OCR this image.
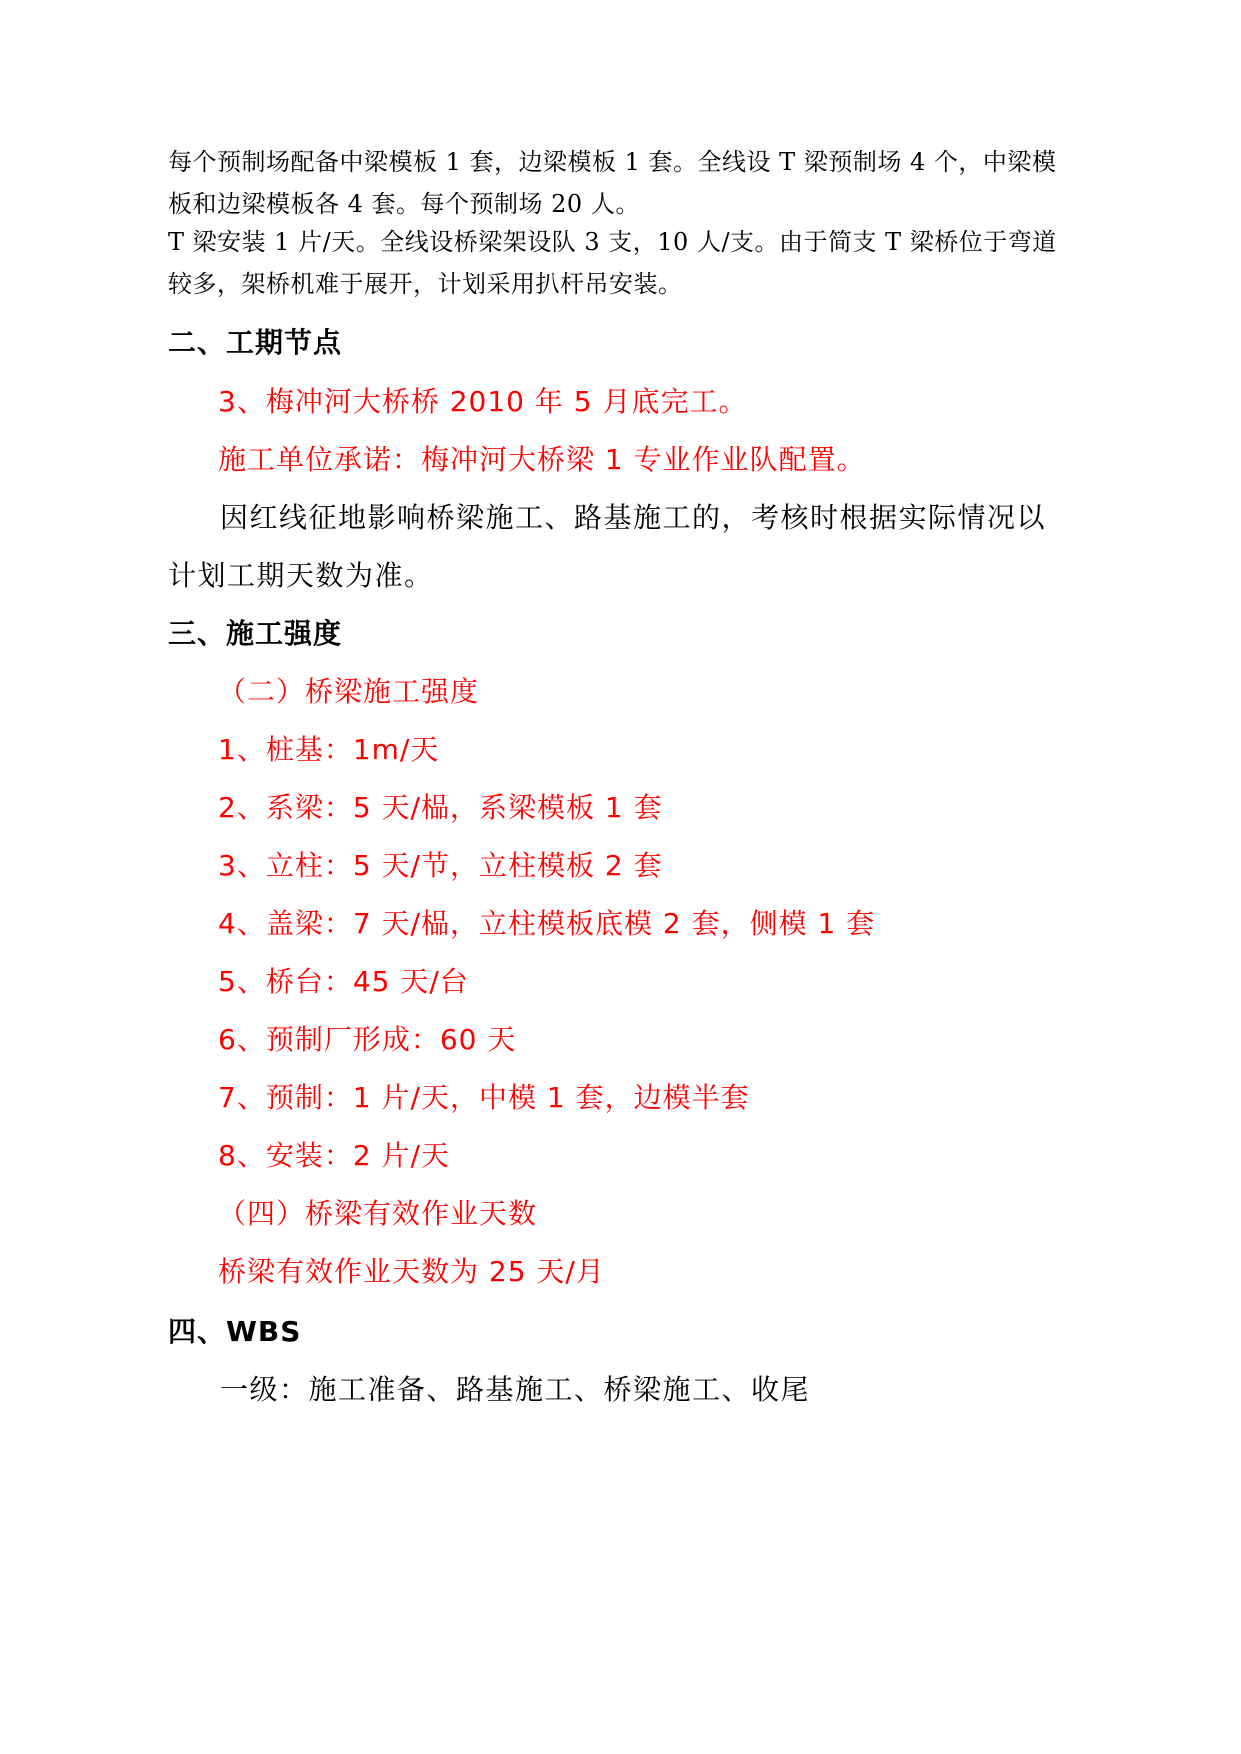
每个预制场配备中梁模板 1 套，边梁模板 1 套。全线设 T 梁预制场 4 个，中梁模
板和边梁模板各 4 套。每个预制场 20 人。
T 梁安装 1 片/天。全线设桥梁架设队 3 支，10 人/支。由于简支 T 梁桥位于弯道
较多，架桥机难于展开，计划采用扒杆吊安装。
二、工期节点
3、梅冲河大桥桥 2010 年 5 月底完工。
施工单位承诺：梅冲河大桥梁 1 专业作业队配置。
因红线征地影响桥梁施工、路基施工的，考核时根据实际情况以
计划工期天数为准。
三、施工强度
（二）桥梁施工强度
1、桩基：1m/天
2、系梁：5 天/榀，系梁模板 1 套
3、立柱：5 天/节，立柱模板 2 套
4、盖梁：7 天/榀，立柱模板底模 2 套，侧模 1 套
5、桥台：45 天/台
6、预制厂形成：60 天
7、预制：1 片/天，中模 1 套，边模半套
8、安装：2 片/天
（四）桥梁有效作业天数
桥梁有效作业天数为 25 天/月
四、WBS
一级：施工准备、路基施工、桥梁施工、收尾
